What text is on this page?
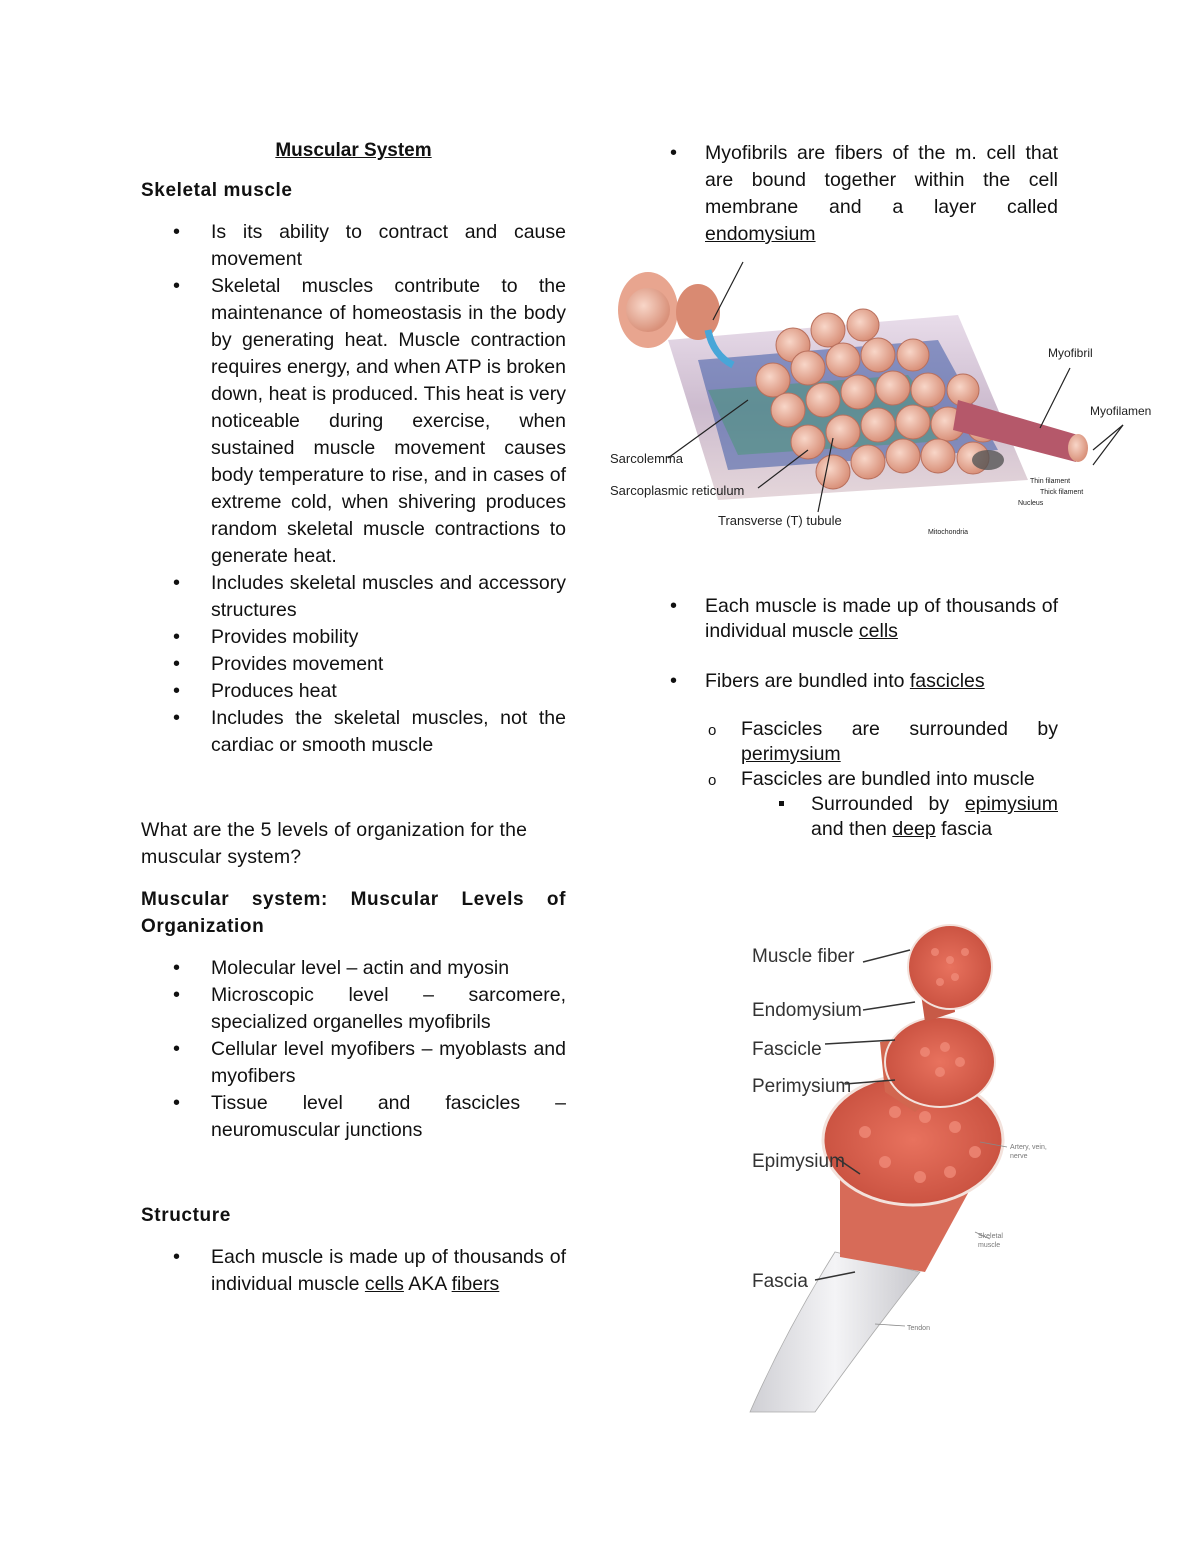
Muscular System

Skeletal muscle

• Is its ability to contract and cause movement
• Skeletal muscles contribute to the maintenance of homeostasis in the body by generating heat. Muscle contraction requires energy, and when ATP is broken down, heat is produced. This heat is very noticeable during exercise, when sustained muscle movement causes body temperature to rise, and in cases of extreme cold, when shivering produces random skeletal muscle contractions to generate heat.
• Includes skeletal muscles and accessory structures
• Provides mobility
• Provides movement
• Produces heat
• Includes the skeletal muscles, not the cardiac or smooth muscle

What are the 5 levels of organization for the muscular system?

Muscular system: Muscular Levels of Organization

• Molecular level – actin and myosin
• Microscopic level – sarcomere, specialized organelles myofibrils
• Cellular level myofibers – myoblasts and myofibers
• Tissue level and fascicles – neuromuscular junctions

Structure

• Each muscle is made up of thousands of individual muscle cells AKA fibers
• Myofibrils are fibers of the m. cell that are bound together within the cell membrane and a layer called endomysium
• Each muscle is made up of thousands of individual muscle cells
• Fibers are bundled into fascicles
o Fascicles are surrounded by perimysium
o Fascicles are bundled into muscle
Surrounded by epimysium and then deep fascia
Myofibril
Myofilamen
Sarcolemma
Sarcoplasmic reticulum
Transverse (T) tubule
Thin filament
Thick filament
Nucleus
Mitochondria
Muscle fiber
Endomysium
Fascicle
Perimysium
Epimysium
Fascia
Artery, vein,
nerve
Skeletal
muscle
Tendon
